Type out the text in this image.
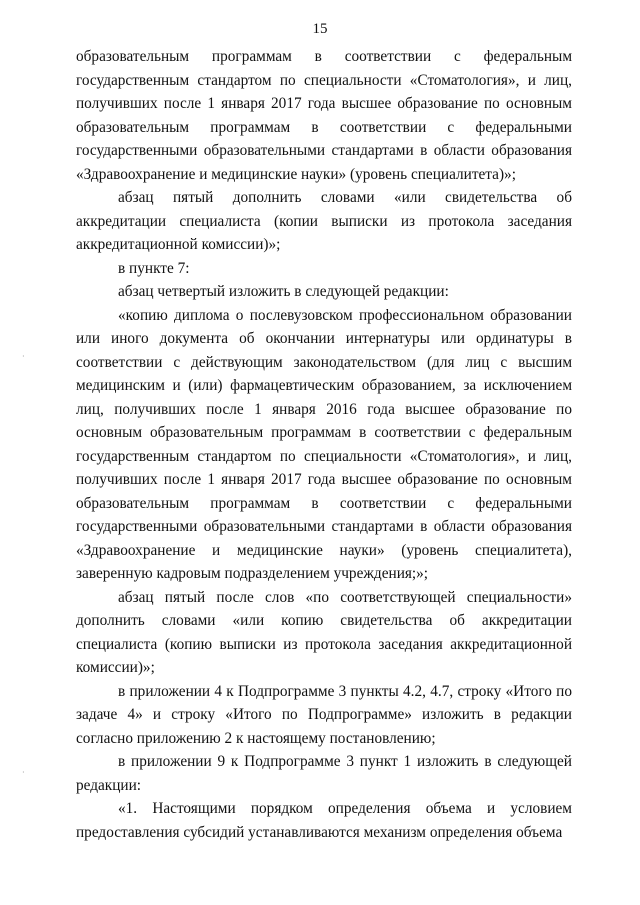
15

образовательным программам в соответствии с федеральным государственным стандартом по специальности «Стоматология», и лиц, получивших после 1 января 2017 года высшее образование по основным образовательным программам в соответствии с федеральными государственными образовательными стандартами в области образования «Здравоохранение и медицинские науки» (уровень специалитета)»;

абзац пятый дополнить словами «или свидетельства об аккредитации специалиста (копии выписки из протокола заседания аккредитационной комиссии)»;

в пункте 7:

абзац четвертый изложить в следующей редакции:

«копию диплома о послевузовском профессиональном образовании или иного документа об окончании интернатуры или ординатуры в соответствии с действующим законодательством (для лиц с высшим медицинским и (или) фармацевтическим образованием, за исключением лиц, получивших после 1 января 2016 года высшее образование по основным образовательным программам в соответствии с федеральным государственным стандартом по специальности «Стоматология», и лиц, получивших после 1 января 2017 года высшее образование по основным образовательным программам в соответствии с федеральными государственными образовательными стандартами в области образования «Здравоохранение и медицинские науки» (уровень специалитета), заверенную кадровым подразделением учреждения;»;

абзац пятый после слов «по соответствующей специальности» дополнить словами «или копию свидетельства об аккредитации специалиста (копию выписки из протокола заседания аккредитационной комиссии)»;

в приложении 4 к Подпрограмме 3 пункты 4.2, 4.7, строку «Итого по задаче 4» и строку «Итого по Подпрограмме» изложить в редакции согласно приложению 2 к настоящему постановлению;

в приложении 9 к Подпрограмме 3 пункт 1 изложить в следующей редакции:

«1. Настоящими порядком определения объема и условием предоставления субсидий устанавливаются механизм определения объема

·
·
